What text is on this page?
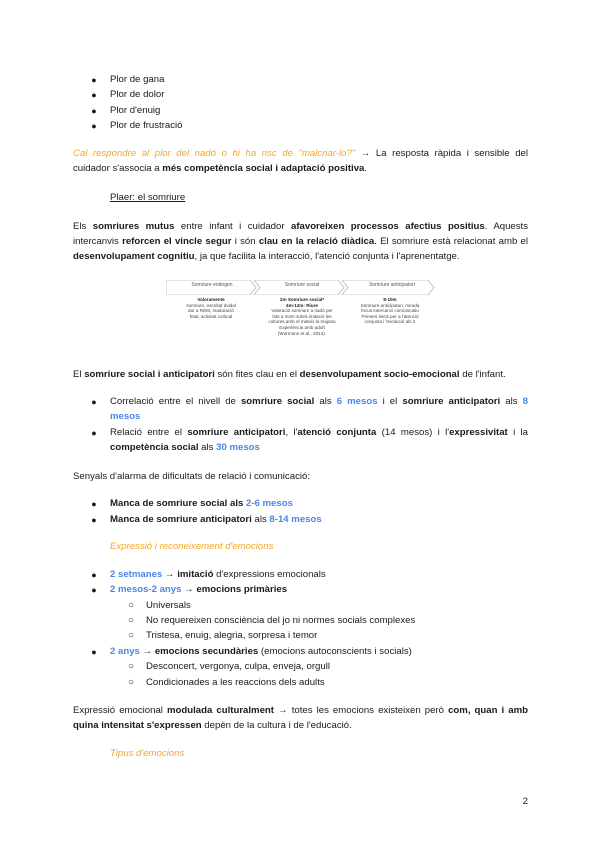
● Plor de gana
● Plor de dolor
● Plor d'enuig
● Plor de frustració
Cal respondre al plor del nadó o hi ha risc de "malcriar-lo?" → La resposta ràpida i sensible del
cuidador s'associa a més competència social i adaptació positiva.
Plaer: el somriure
Els somriures mutus entre infant i cuidador afavoreixen processos afectius positius. Aquests
intercanvis reforcen el vincle segur i són clau en la relació diàdica. El somriure està relacionat amb el
desenvolupament cognitiu, ja que facilita la interacció, l'atenció conjunta i l'aprenentatge.
Somriure endogen	Somriure social	Somriure anticipatori
Valoramente
somriure, escoltat dvidal
dur a REM, maduració
fetal, activitat cortical
2m Somriure social*
4m-12m: Riure
Valoració somriure a nadó per
hits a mom sobrà imitació les
cultures amb el mateix la majoria
Experiència amb adult
(Wormann et al., 2012).
8-10m
Somriure anticipatori, mirada
focus intercanvi comunicatiu
Primers inicis per a l'atenció
conjunta i l'evolució als 2
El somriure social i anticipatori són fites clau en el desenvolupament socio-emocional de l'infant.
● Correlació entre el nivell de somriure social als 6 mesos i el somriure anticipatori als 8
mesos
● Relació entre el somriure anticipatori, l'atenció conjunta (14 mesos) i l'expressivitat i la
competència social als 30 mesos
Senyals d'alarma de dificultats de relació i comunicació:
● Manca de somriure social als 2-6 mesos
● Manca de somriure anticipatori als 8-14 mesos
Expressió i reconeixement d'emocions
● 2 setmanes → imitació d'expressions emocionals
● 2 mesos-2 anys → emocions primàries
○ Universals
○ No requereixen consciència del jo ni normes socials complexes
○ Tristesa, enuig, alegria, sorpresa i temor
● 2 anys → emocions secundàries (emocions autoconscients i socials)
○ Desconcert, vergonya, culpa, enveja, orgull
○ Condicionades a les reaccions dels adults
Expressió emocional modulada culturalment → totes les emocions existeixen però com, quan i amb
quina intensitat s'expressen depèn de la cultura i de l'educació.
Tipus d'emocions
2
